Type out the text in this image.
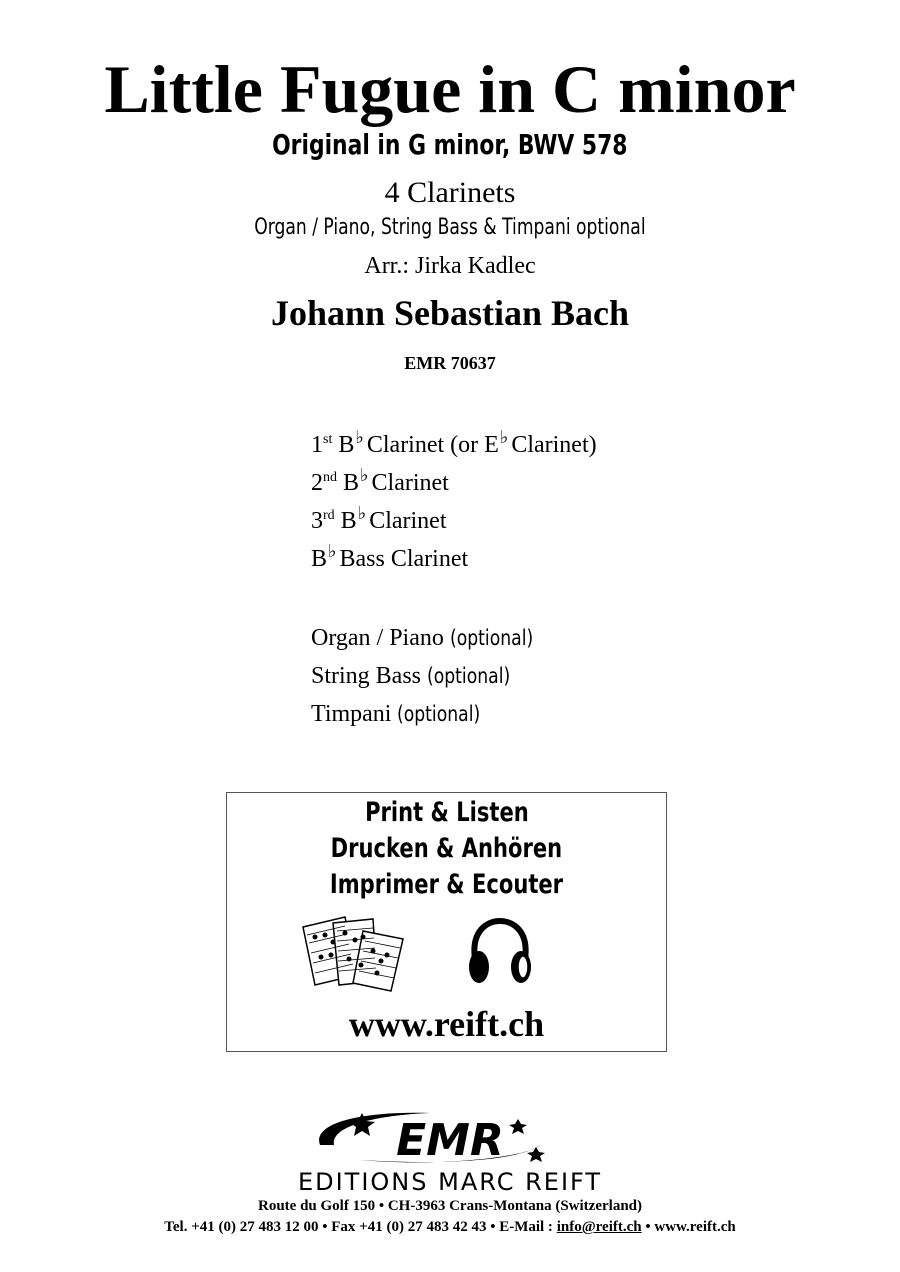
Little Fugue in C minor
Original in G minor, BWV 578
4 Clarinets
Organ / Piano, String Bass & Timpani optional
Arr.: Jirka Kadlec
Johann Sebastian Bach
EMR 70637
1st B♭ Clarinet (or E♭ Clarinet)
2nd B♭ Clarinet
3rd B♭ Clarinet
B♭ Bass Clarinet
Organ / Piano (optional)
String Bass (optional)
Timpani (optional)
Print & Listen
Drucken & Anhören
Imprimer & Ecouter
www.reift.ch
EMR
EDITIONS MARC REIFT
Route du Golf 150 • CH-3963 Crans-Montana (Switzerland)
Tel. +41 (0) 27 483 12 00 • Fax +41 (0) 27 483 42 43 • E-Mail : info@reift.ch • www.reift.ch
